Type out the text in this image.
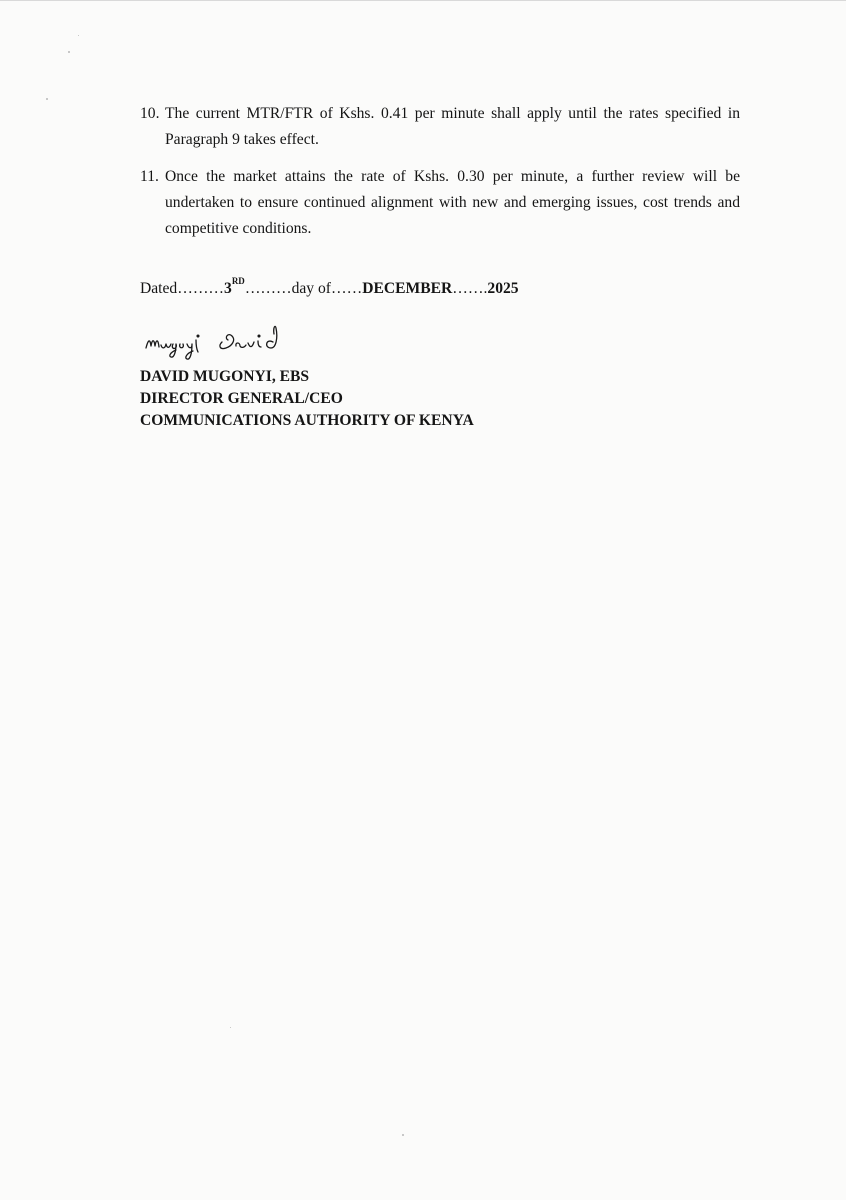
10. The current MTR/FTR of Kshs. 0.41 per minute shall apply until the rates specified in Paragraph 9 takes effect.
11. Once the market attains the rate of Kshs. 0.30 per minute, a further review will be undertaken to ensure continued alignment with new and emerging issues, cost trends and competitive conditions.
Dated………3RD………day of……DECEMBER…….2025
DAVID MUGONYI, EBS
DIRECTOR GENERAL/CEO
COMMUNICATIONS AUTHORITY OF KENYA
